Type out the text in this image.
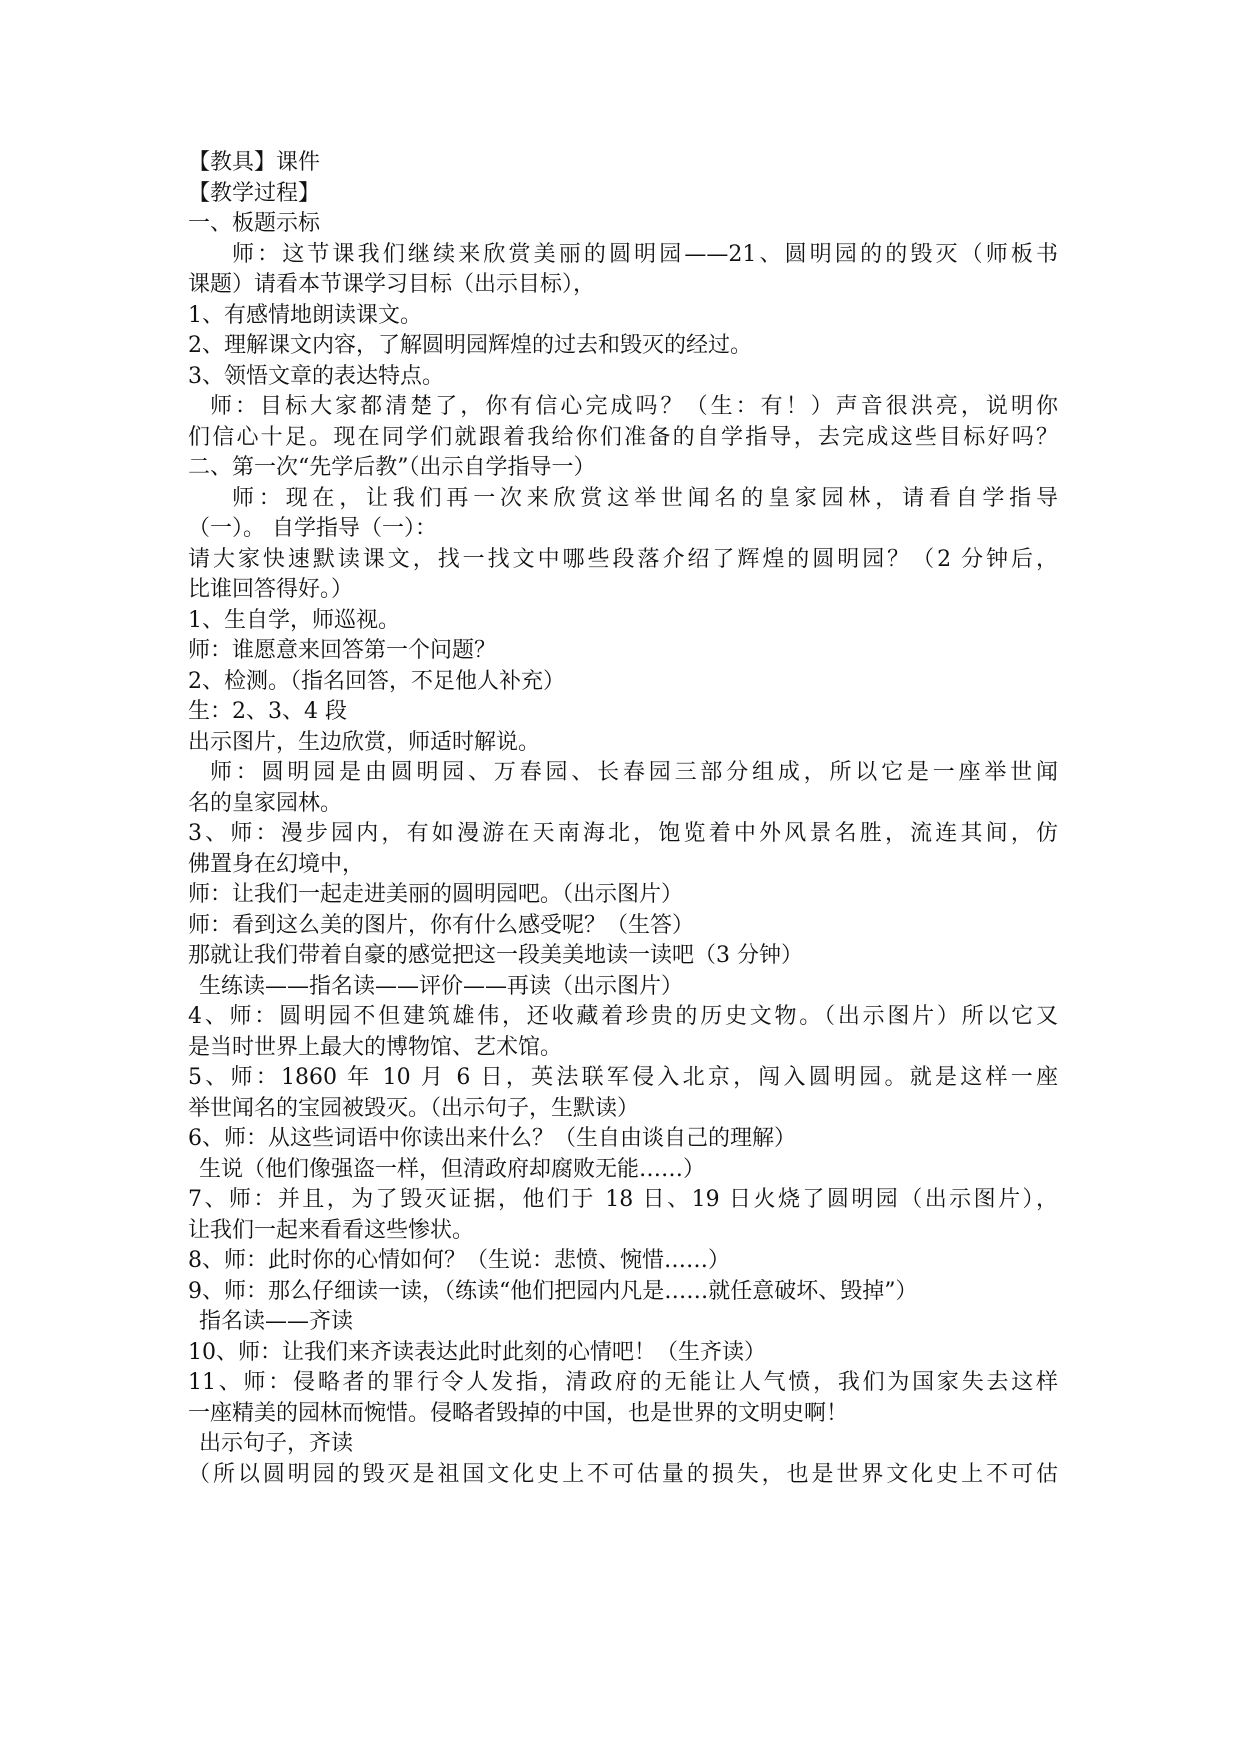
【教具】课件
【教学过程】
一、板题示标
师：这节课我们继续来欣赏美丽的圆明园——21、圆明园的的毁灭（师板书
课题）请看本节课学习目标（出示目标），
1、有感情地朗读课文。
2、理解课文内容，了解圆明园辉煌的过去和毁灭的经过。
3、领悟文章的表达特点。
师：目标大家都清楚了，你有信心完成吗？（生：有！）声音很洪亮，说明你
们信心十足。现在同学们就跟着我给你们准备的自学指导，去完成这些目标好吗？
二、第一次“先学后教”（出示自学指导一）
师：现在，让我们再一次来欣赏这举世闻名的皇家园林，请看自学指导
（一）。 自学指导（一）：
请大家快速默读课文，找一找文中哪些段落介绍了辉煌的圆明园？（2 分钟后，
比谁回答得好。）
1、生自学，师巡视。
师：谁愿意来回答第一个问题？
2、检测。（指名回答，不足他人补充）
生：2、3、4 段
出示图片，生边欣赏，师适时解说。
师：圆明园是由圆明园、万春园、长春园三部分组成，所以它是一座举世闻
名的皇家园林。
3、师：漫步园内，有如漫游在天南海北，饱览着中外风景名胜，流连其间，仿
佛置身在幻境中，
师：让我们一起走进美丽的圆明园吧。（出示图片）
师：看到这么美的图片，你有什么感受呢？（生答）
那就让我们带着自豪的感觉把这一段美美地读一读吧（3 分钟）
生练读——指名读——评价——再读（出示图片）
4、师：圆明园不但建筑雄伟，还收藏着珍贵的历史文物。（出示图片）所以它又
是当时世界上最大的博物馆、艺术馆。
5、师：1860 年 10 月 6 日，英法联军侵入北京，闯入圆明园。就是这样一座
举世闻名的宝园被毁灭。（出示句子，生默读）
6、师：从这些词语中你读出来什么？（生自由谈自己的理解）
生说（他们像强盗一样，但清政府却腐败无能……）
7、师：并且，为了毁灭证据，他们于 18 日、19 日火烧了圆明园（出示图片），
让我们一起来看看这些惨状。
8、师：此时你的心情如何？（生说：悲愤、惋惜……）
9、师：那么仔细读一读，（练读“他们把园内凡是……就任意破坏、毁掉”）
指名读——齐读
10、师：让我们来齐读表达此时此刻的心情吧！（生齐读）
11、师：侵略者的罪行令人发指，清政府的无能让人气愤，我们为国家失去这样
一座精美的园林而惋惜。侵略者毁掉的中国，也是世界的文明史啊！
出示句子，齐读
（所以圆明园的毁灭是祖国文化史上不可估量的损失，也是世界文化史上不可估
